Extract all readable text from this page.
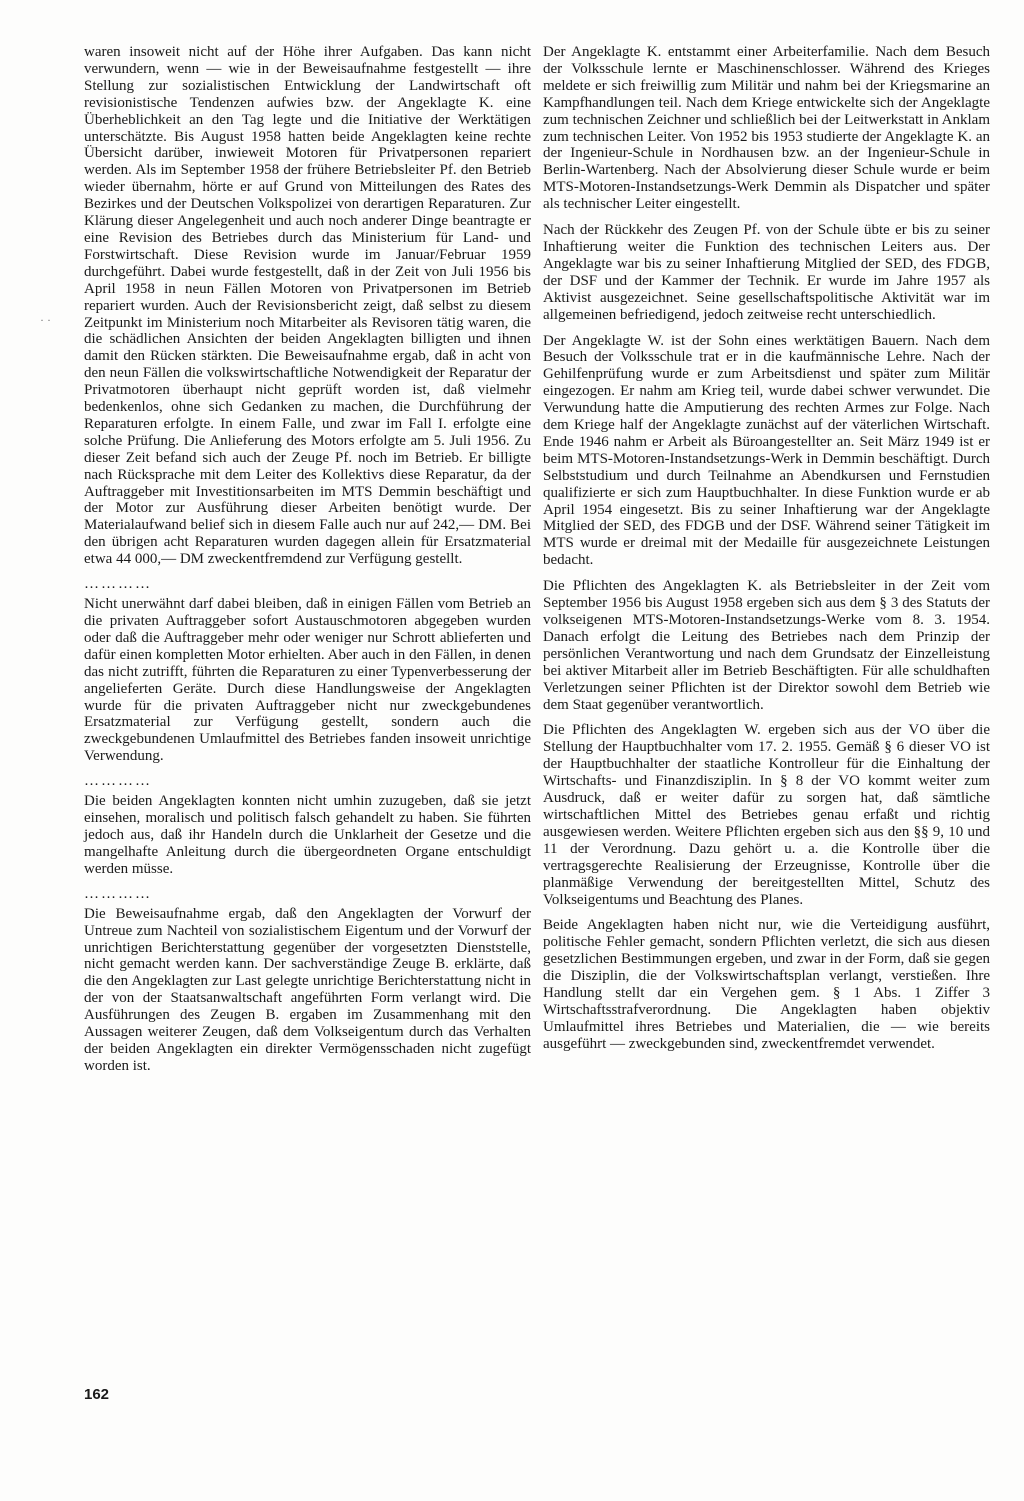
· ·

waren insoweit nicht auf der Höhe ihrer Aufgaben. Das kann nicht verwundern, wenn — wie in der Beweisaufnahme festgestellt — ihre Stellung zur sozialistischen Entwicklung der Landwirtschaft oft revisionistische Tendenzen aufwies bzw. der Angeklagte K. eine Überheblichkeit an den Tag legte und die Initiative der Werktätigen unterschätzte. Bis August 1958 hatten beide Angeklagten keine rechte Übersicht darüber, inwieweit Motoren für Privatpersonen repariert werden. Als im September 1958 der frühere Betriebsleiter Pf. den Betrieb wieder übernahm, hörte er auf Grund von Mitteilungen des Rates des Bezirkes und der Deutschen Volkspolizei von derartigen Reparaturen. Zur Klärung dieser Angelegenheit und auch noch anderer Dinge beantragte er eine Revision des Betriebes durch das Ministerium für Land- und Forstwirtschaft. Diese Revision wurde im Januar/Februar 1959 durchgeführt. Dabei wurde festgestellt, daß in der Zeit von Juli 1956 bis April 1958 in neun Fällen Motoren von Privatpersonen im Betrieb repariert wurden. Auch der Revisionsbericht zeigt, daß selbst zu diesem Zeitpunkt im Ministerium noch Mitarbeiter als Revisoren tätig waren, die die schädlichen Ansichten der beiden Angeklagten billigten und ihnen damit den Rücken stärkten. Die Beweisaufnahme ergab, daß in acht von den neun Fällen die volkswirtschaftliche Notwendigkeit der Reparatur der Privatmotoren überhaupt nicht geprüft worden ist, daß vielmehr bedenkenlos, ohne sich Gedanken zu machen, die Durchführung der Reparaturen erfolgte. In einem Falle, und zwar im Fall I. erfolgte eine solche Prüfung. Die Anlieferung des Motors erfolgte am 5. Juli 1956. Zu dieser Zeit befand sich auch der Zeuge Pf. noch im Betrieb. Er billigte nach Rücksprache mit dem Leiter des Kollektivs diese Reparatur, da der Auftraggeber mit Investitionsarbeiten im MTS Demmin beschäftigt und der Motor zur Ausführung dieser Arbeiten benötigt wurde. Der Materialaufwand belief sich in diesem Falle auch nur auf 242,— DM. Bei den übrigen acht Reparaturen wurden dagegen allein für Ersatzmaterial etwa 44 000,— DM zweckentfremdend zur Verfügung gestellt.

…………

Nicht unerwähnt darf dabei bleiben, daß in einigen Fällen vom Betrieb an die privaten Auftraggeber sofort Austauschmotoren abgegeben wurden oder daß die Auftraggeber mehr oder weniger nur Schrott ablieferten und dafür einen kompletten Motor erhielten. Aber auch in den Fällen, in denen das nicht zutrifft, führten die Reparaturen zu einer Typenverbesserung der angelieferten Geräte. Durch diese Handlungsweise der Angeklagten wurde für die privaten Auftraggeber nicht nur zweckgebundenes Ersatzmaterial zur Verfügung gestellt, sondern auch die zweckgebundenen Umlaufmittel des Betriebes fanden insoweit unrichtige Verwendung.

…………

Die beiden Angeklagten konnten nicht umhin zuzugeben, daß sie jetzt einsehen, moralisch und politisch falsch gehandelt zu haben. Sie führten jedoch aus, daß ihr Handeln durch die Unklarheit der Gesetze und die mangelhafte Anleitung durch die übergeordneten Organe entschuldigt werden müsse.

…………

Die Beweisaufnahme ergab, daß den Angeklagten der Vorwurf der Untreue zum Nachteil von sozialistischem Eigentum und der Vorwurf der unrichtigen Berichterstattung gegenüber der vorgesetzten Dienststelle, nicht gemacht werden kann. Der sachverständige Zeuge B. erklärte, daß die den Angeklagten zur Last gelegte unrichtige Berichterstattung nicht in der von der Staatsanwaltschaft angeführten Form verlangt wird. Die Ausführungen des Zeugen B. ergaben im Zusammenhang mit den Aussagen weiterer Zeugen, daß dem Volkseigentum durch das Verhalten der beiden Angeklagten ein direkter Vermögensschaden nicht zugefügt worden ist.

Der Angeklagte K. entstammt einer Arbeiterfamilie. Nach dem Besuch der Volksschule lernte er Maschinenschlosser. Während des Krieges meldete er sich freiwillig zum Militär und nahm bei der Kriegsmarine an Kampfhandlungen teil. Nach dem Kriege entwickelte sich der Angeklagte zum technischen Zeichner und schließlich bei der Leitwerkstatt in Anklam zum technischen Leiter. Von 1952 bis 1953 studierte der Angeklagte K. an der Ingenieur-Schule in Nordhausen bzw. an der Ingenieur-Schule in Berlin-Wartenberg. Nach der Absolvierung dieser Schule wurde er beim MTS-Motoren-Instandsetzungs-Werk Demmin als Dispatcher und später als technischer Leiter eingestellt.

Nach der Rückkehr des Zeugen Pf. von der Schule übte er bis zu seiner Inhaftierung weiter die Funktion des technischen Leiters aus. Der Angeklagte war bis zu seiner Inhaftierung Mitglied der SED, des FDGB, der DSF und der Kammer der Technik. Er wurde im Jahre 1957 als Aktivist ausgezeichnet. Seine gesellschaftspolitische Aktivität war im allgemeinen befriedigend, jedoch zeitweise recht unterschiedlich.

Der Angeklagte W. ist der Sohn eines werktätigen Bauern. Nach dem Besuch der Volksschule trat er in die kaufmännische Lehre. Nach der Gehilfenprüfung wurde er zum Arbeitsdienst und später zum Militär eingezogen. Er nahm am Krieg teil, wurde dabei schwer verwundet. Die Verwundung hatte die Amputierung des rechten Armes zur Folge. Nach dem Kriege half der Angeklagte zunächst auf der väterlichen Wirtschaft. Ende 1946 nahm er Arbeit als Büroangestellter an. Seit März 1949 ist er beim MTS-Motoren-Instandsetzungs-Werk in Demmin beschäftigt. Durch Selbststudium und durch Teilnahme an Abendkursen und Fernstudien qualifizierte er sich zum Hauptbuchhalter. In diese Funktion wurde er ab April 1954 eingesetzt. Bis zu seiner Inhaftierung war der Angeklagte Mitglied der SED, des FDGB und der DSF. Während seiner Tätigkeit im MTS wurde er dreimal mit der Medaille für ausgezeichnete Leistungen bedacht.

Die Pflichten des Angeklagten K. als Betriebsleiter in der Zeit vom September 1956 bis August 1958 ergeben sich aus dem § 3 des Statuts der volkseigenen MTS-Motoren-Instandsetzungs-Werke vom 8. 3. 1954. Danach erfolgt die Leitung des Betriebes nach dem Prinzip der persönlichen Verantwortung und nach dem Grundsatz der Einzelleistung bei aktiver Mitarbeit aller im Betrieb Beschäftigten. Für alle schuldhaften Verletzungen seiner Pflichten ist der Direktor sowohl dem Betrieb wie dem Staat gegenüber verantwortlich.

Die Pflichten des Angeklagten W. ergeben sich aus der VO über die Stellung der Hauptbuchhalter vom 17. 2. 1955. Gemäß § 6 dieser VO ist der Hauptbuchhalter der staatliche Kontrolleur für die Einhaltung der Wirtschafts- und Finanzdisziplin. In § 8 der VO kommt weiter zum Ausdruck, daß er weiter dafür zu sorgen hat, daß sämtliche wirtschaftlichen Mittel des Betriebes genau erfaßt und richtig ausgewiesen werden. Weitere Pflichten ergeben sich aus den §§ 9, 10 und 11 der Verordnung. Dazu gehört u. a. die Kontrolle über die vertragsgerechte Realisierung der Erzeugnisse, Kontrolle über die planmäßige Verwendung der bereitgestellten Mittel, Schutz des Volkseigentums und Beachtung des Planes.

Beide Angeklagten haben nicht nur, wie die Verteidigung ausführt, politische Fehler gemacht, sondern Pflichten verletzt, die sich aus diesen gesetzlichen Bestimmungen ergeben, und zwar in der Form, daß sie gegen die Disziplin, die der Volkswirtschaftsplan verlangt, verstießen. Ihre Handlung stellt dar ein Vergehen gem. § 1 Abs. 1 Ziffer 3 Wirtschaftsstrafverordnung. Die Angeklagten haben objektiv Umlaufmittel ihres Betriebes und Materialien, die — wie bereits ausgeführt — zweckgebunden sind, zweckentfremdet verwendet.

162
